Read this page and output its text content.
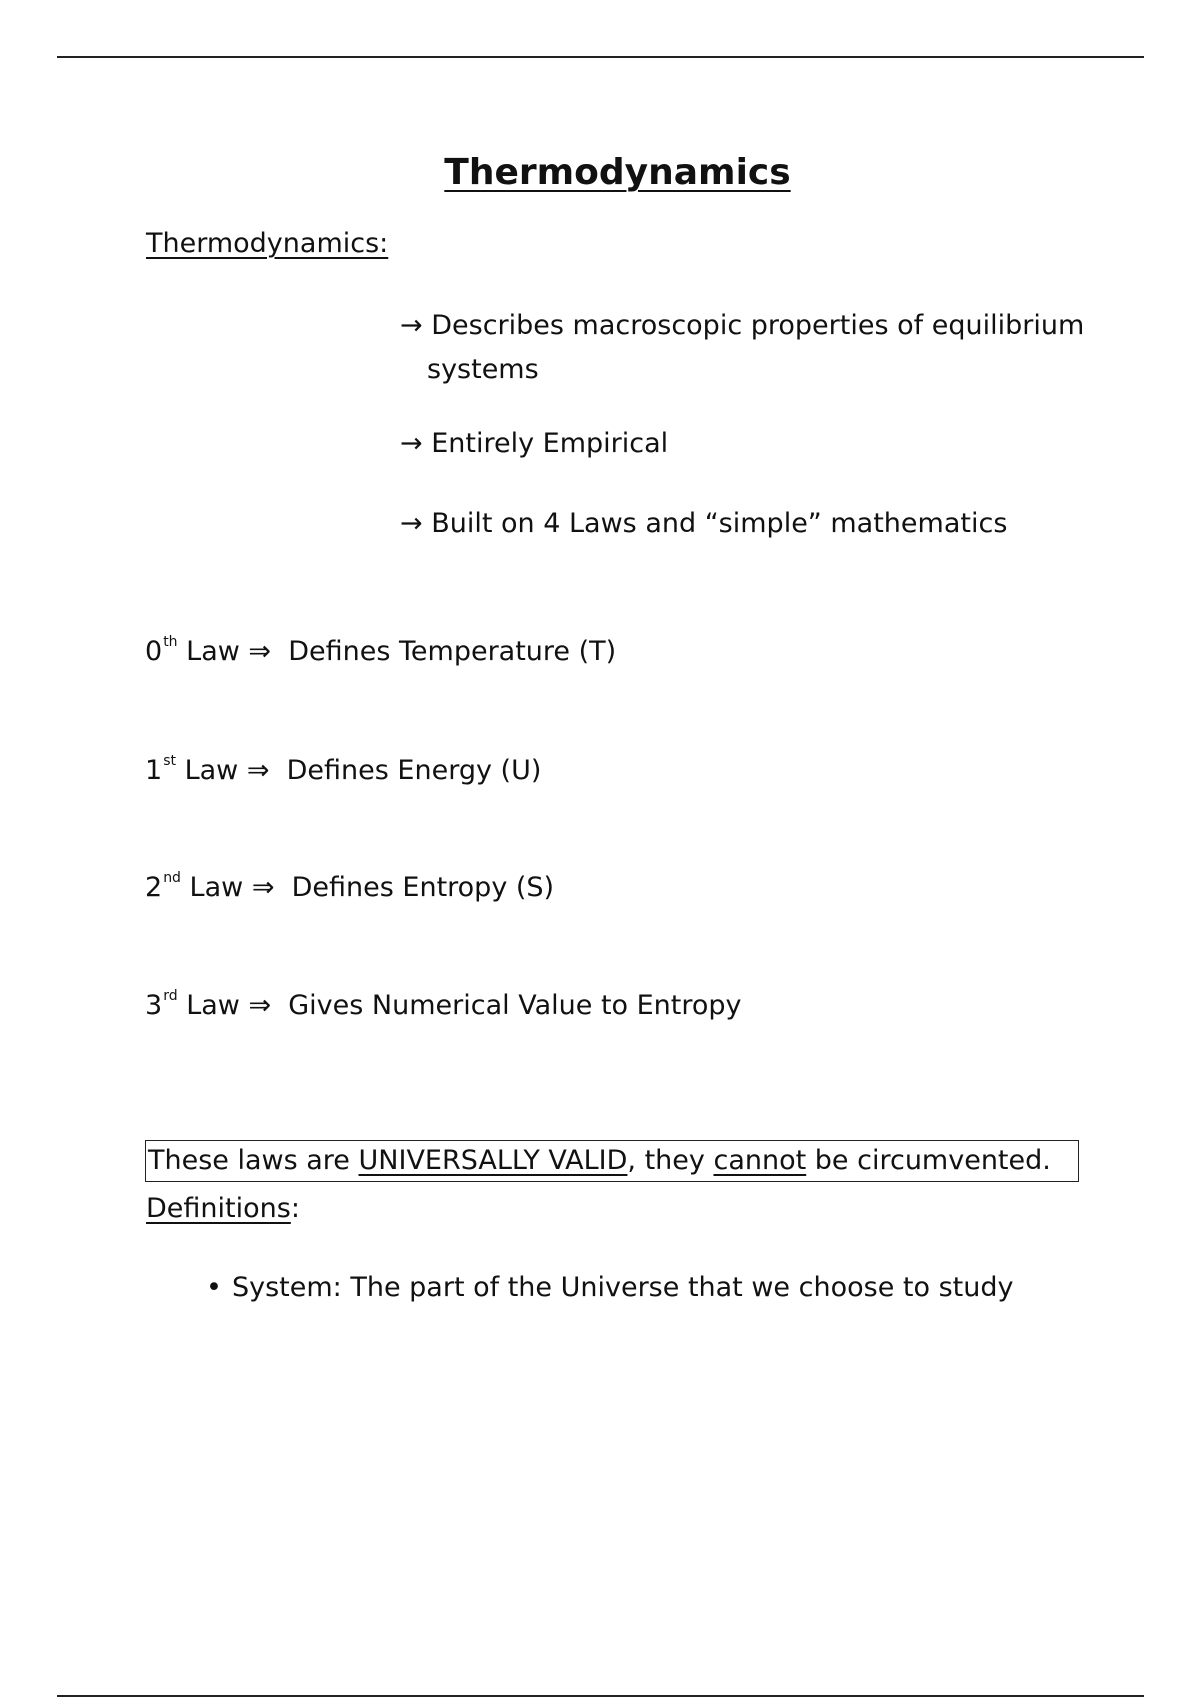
Thermodynamics
Thermodynamics:

→ Describes macroscopic properties of equilibrium
systems

→ Entirely Empirical

→ Built on 4 Laws and “simple” mathematics

0th Law ⇒ Defines Temperature (T)
1st Law ⇒ Defines Energy (U)
2nd Law ⇒ Defines Entropy (S)
3rd Law ⇒ Gives Numerical Value to Entropy
These laws are UNIVERSALLY VALID, they cannot be circumvented.
Definitions:
• System: The part of the Universe that we choose to study
